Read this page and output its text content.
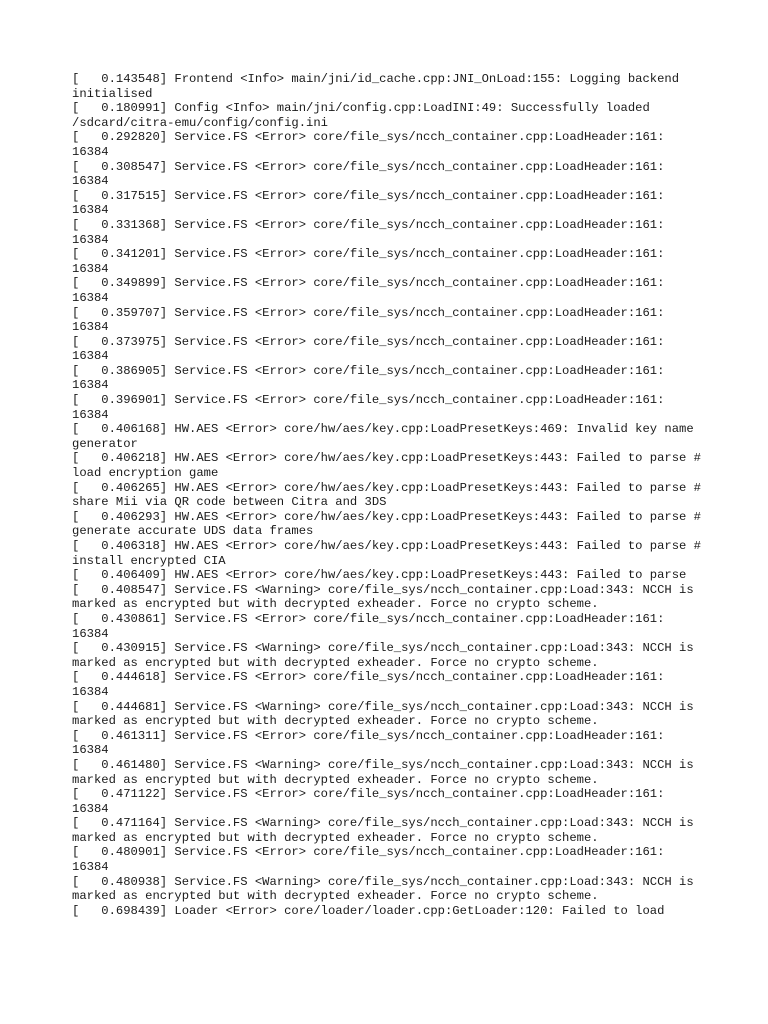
[   0.143548] Frontend <Info> main/jni/id_cache.cpp:JNI_OnLoad:155: Logging backend initialised

[   0.180991] Config <Info> main/jni/config.cpp:LoadINI:49: Successfully loaded /sdcard/citra-emu/config/config.ini

[   0.292820] Service.FS <Error> core/file_sys/ncch_container.cpp:LoadHeader:161: 16384

[   0.308547] Service.FS <Error> core/file_sys/ncch_container.cpp:LoadHeader:161: 16384

[   0.317515] Service.FS <Error> core/file_sys/ncch_container.cpp:LoadHeader:161: 16384

[   0.331368] Service.FS <Error> core/file_sys/ncch_container.cpp:LoadHeader:161: 16384

[   0.341201] Service.FS <Error> core/file_sys/ncch_container.cpp:LoadHeader:161: 16384

[   0.349899] Service.FS <Error> core/file_sys/ncch_container.cpp:LoadHeader:161: 16384

[   0.359707] Service.FS <Error> core/file_sys/ncch_container.cpp:LoadHeader:161: 16384

[   0.373975] Service.FS <Error> core/file_sys/ncch_container.cpp:LoadHeader:161: 16384

[   0.386905] Service.FS <Error> core/file_sys/ncch_container.cpp:LoadHeader:161: 16384

[   0.396901] Service.FS <Error> core/file_sys/ncch_container.cpp:LoadHeader:161: 16384

[   0.406168] HW.AES <Error> core/hw/aes/key.cpp:LoadPresetKeys:469: Invalid key name generator

[   0.406218] HW.AES <Error> core/hw/aes/key.cpp:LoadPresetKeys:443: Failed to parse # load encryption game

[   0.406265] HW.AES <Error> core/hw/aes/key.cpp:LoadPresetKeys:443: Failed to parse # share Mii via QR code between Citra and 3DS

[   0.406293] HW.AES <Error> core/hw/aes/key.cpp:LoadPresetKeys:443: Failed to parse # generate accurate UDS data frames

[   0.406318] HW.AES <Error> core/hw/aes/key.cpp:LoadPresetKeys:443: Failed to parse # install encrypted CIA

[   0.406409] HW.AES <Error> core/hw/aes/key.cpp:LoadPresetKeys:443: Failed to parse

[   0.408547] Service.FS <Warning> core/file_sys/ncch_container.cpp:Load:343: NCCH is marked as encrypted but with decrypted exheader. Force no crypto scheme.

[   0.430861] Service.FS <Error> core/file_sys/ncch_container.cpp:LoadHeader:161: 16384

[   0.430915] Service.FS <Warning> core/file_sys/ncch_container.cpp:Load:343: NCCH is marked as encrypted but with decrypted exheader. Force no crypto scheme.

[   0.444618] Service.FS <Error> core/file_sys/ncch_container.cpp:LoadHeader:161: 16384

[   0.444681] Service.FS <Warning> core/file_sys/ncch_container.cpp:Load:343: NCCH is marked as encrypted but with decrypted exheader. Force no crypto scheme.

[   0.461311] Service.FS <Error> core/file_sys/ncch_container.cpp:LoadHeader:161: 16384

[   0.461480] Service.FS <Warning> core/file_sys/ncch_container.cpp:Load:343: NCCH is marked as encrypted but with decrypted exheader. Force no crypto scheme.

[   0.471122] Service.FS <Error> core/file_sys/ncch_container.cpp:LoadHeader:161: 16384

[   0.471164] Service.FS <Warning> core/file_sys/ncch_container.cpp:Load:343: NCCH is marked as encrypted but with decrypted exheader. Force no crypto scheme.

[   0.480901] Service.FS <Error> core/file_sys/ncch_container.cpp:LoadHeader:161: 16384

[   0.480938] Service.FS <Warning> core/file_sys/ncch_container.cpp:Load:343: NCCH is marked as encrypted but with decrypted exheader. Force no crypto scheme.

[   0.698439] Loader <Error> core/loader/loader.cpp:GetLoader:120: Failed to load
